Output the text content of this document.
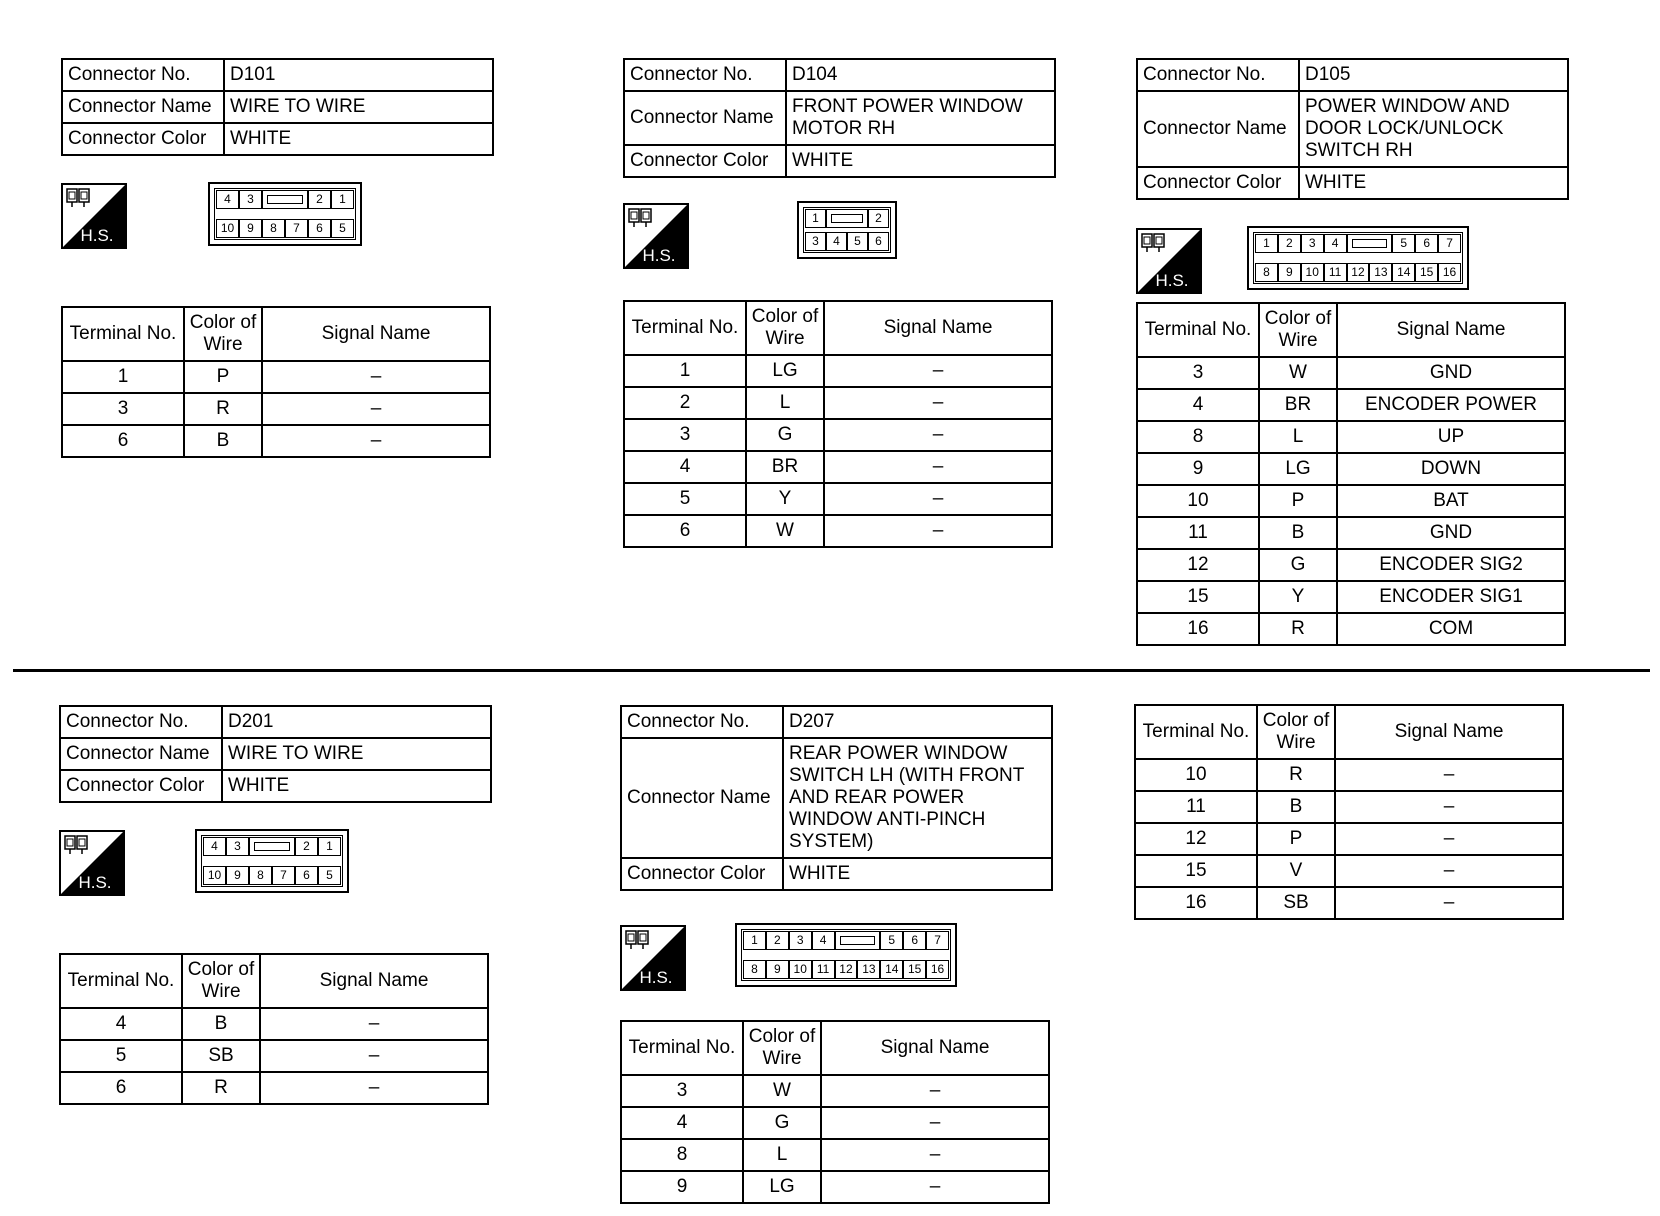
Connector No.	D101
Connector Name	WIRE TO WIRE
Connector Color	WHITE
H.S.	10	9	8	7	6	5
4	3	2	1
Terminal No.	Color of Wire	Signal Name
1	P	–
3	R	–
6	B	–
Connector No.	D104
Connector Name	FRONT POWER WINDOW MOTOR RH
Connector Color	WHITE
H.S.
3	4	5	6
1	2
Terminal No.	Color of Wire	Signal Name
1	LG	–
2	L	–
3	G	–
4	BR	–
5	Y	–
6	W	–
Connector No.	D105
Connector Name	POWER WINDOW AND DOOR LOCK/UNLOCK SWITCH RH
Connector Color	WHITE
H.S.	8	9	10 11 12 13 14 15 16
1	2	3	4	5	6	7
Terminal No.	Color of Wire	Signal Name
3	W	GND
4	BR	ENCODER POWER
8	L	UP
9	LG	DOWN
10	P	BAT
11	B	GND
12	G	ENCODER SIG2
15	Y	ENCODER SIG1
16	R	COM
Connector No.	D201
Connector Name	WIRE TO WIRE
Connector Color	WHITE
H.S.	10	9	8	7	6	5
4	3	2	1
Terminal No.	Color of Wire	Signal Name
4	B	–
5	SB	–
6	R	–
Connector No.	D207
Connector Name	REAR POWER WINDOW SWITCH LH (WITH FRONT AND REAR POWER WINDOW ANTI-PINCH SYSTEM)
Connector Color	WHITE
H.S.	8	9	10 11 12 13 14 15 16
1	2	3	4	5	6	7
Terminal No.	Color of Wire	Signal Name
3	W	–
4	G	–
8	L	–
9	LG	–
Terminal No.	Color of Wire	Signal Name
10	R	–
11	B	–
12	P	–
15	V	–
16	SB	–
